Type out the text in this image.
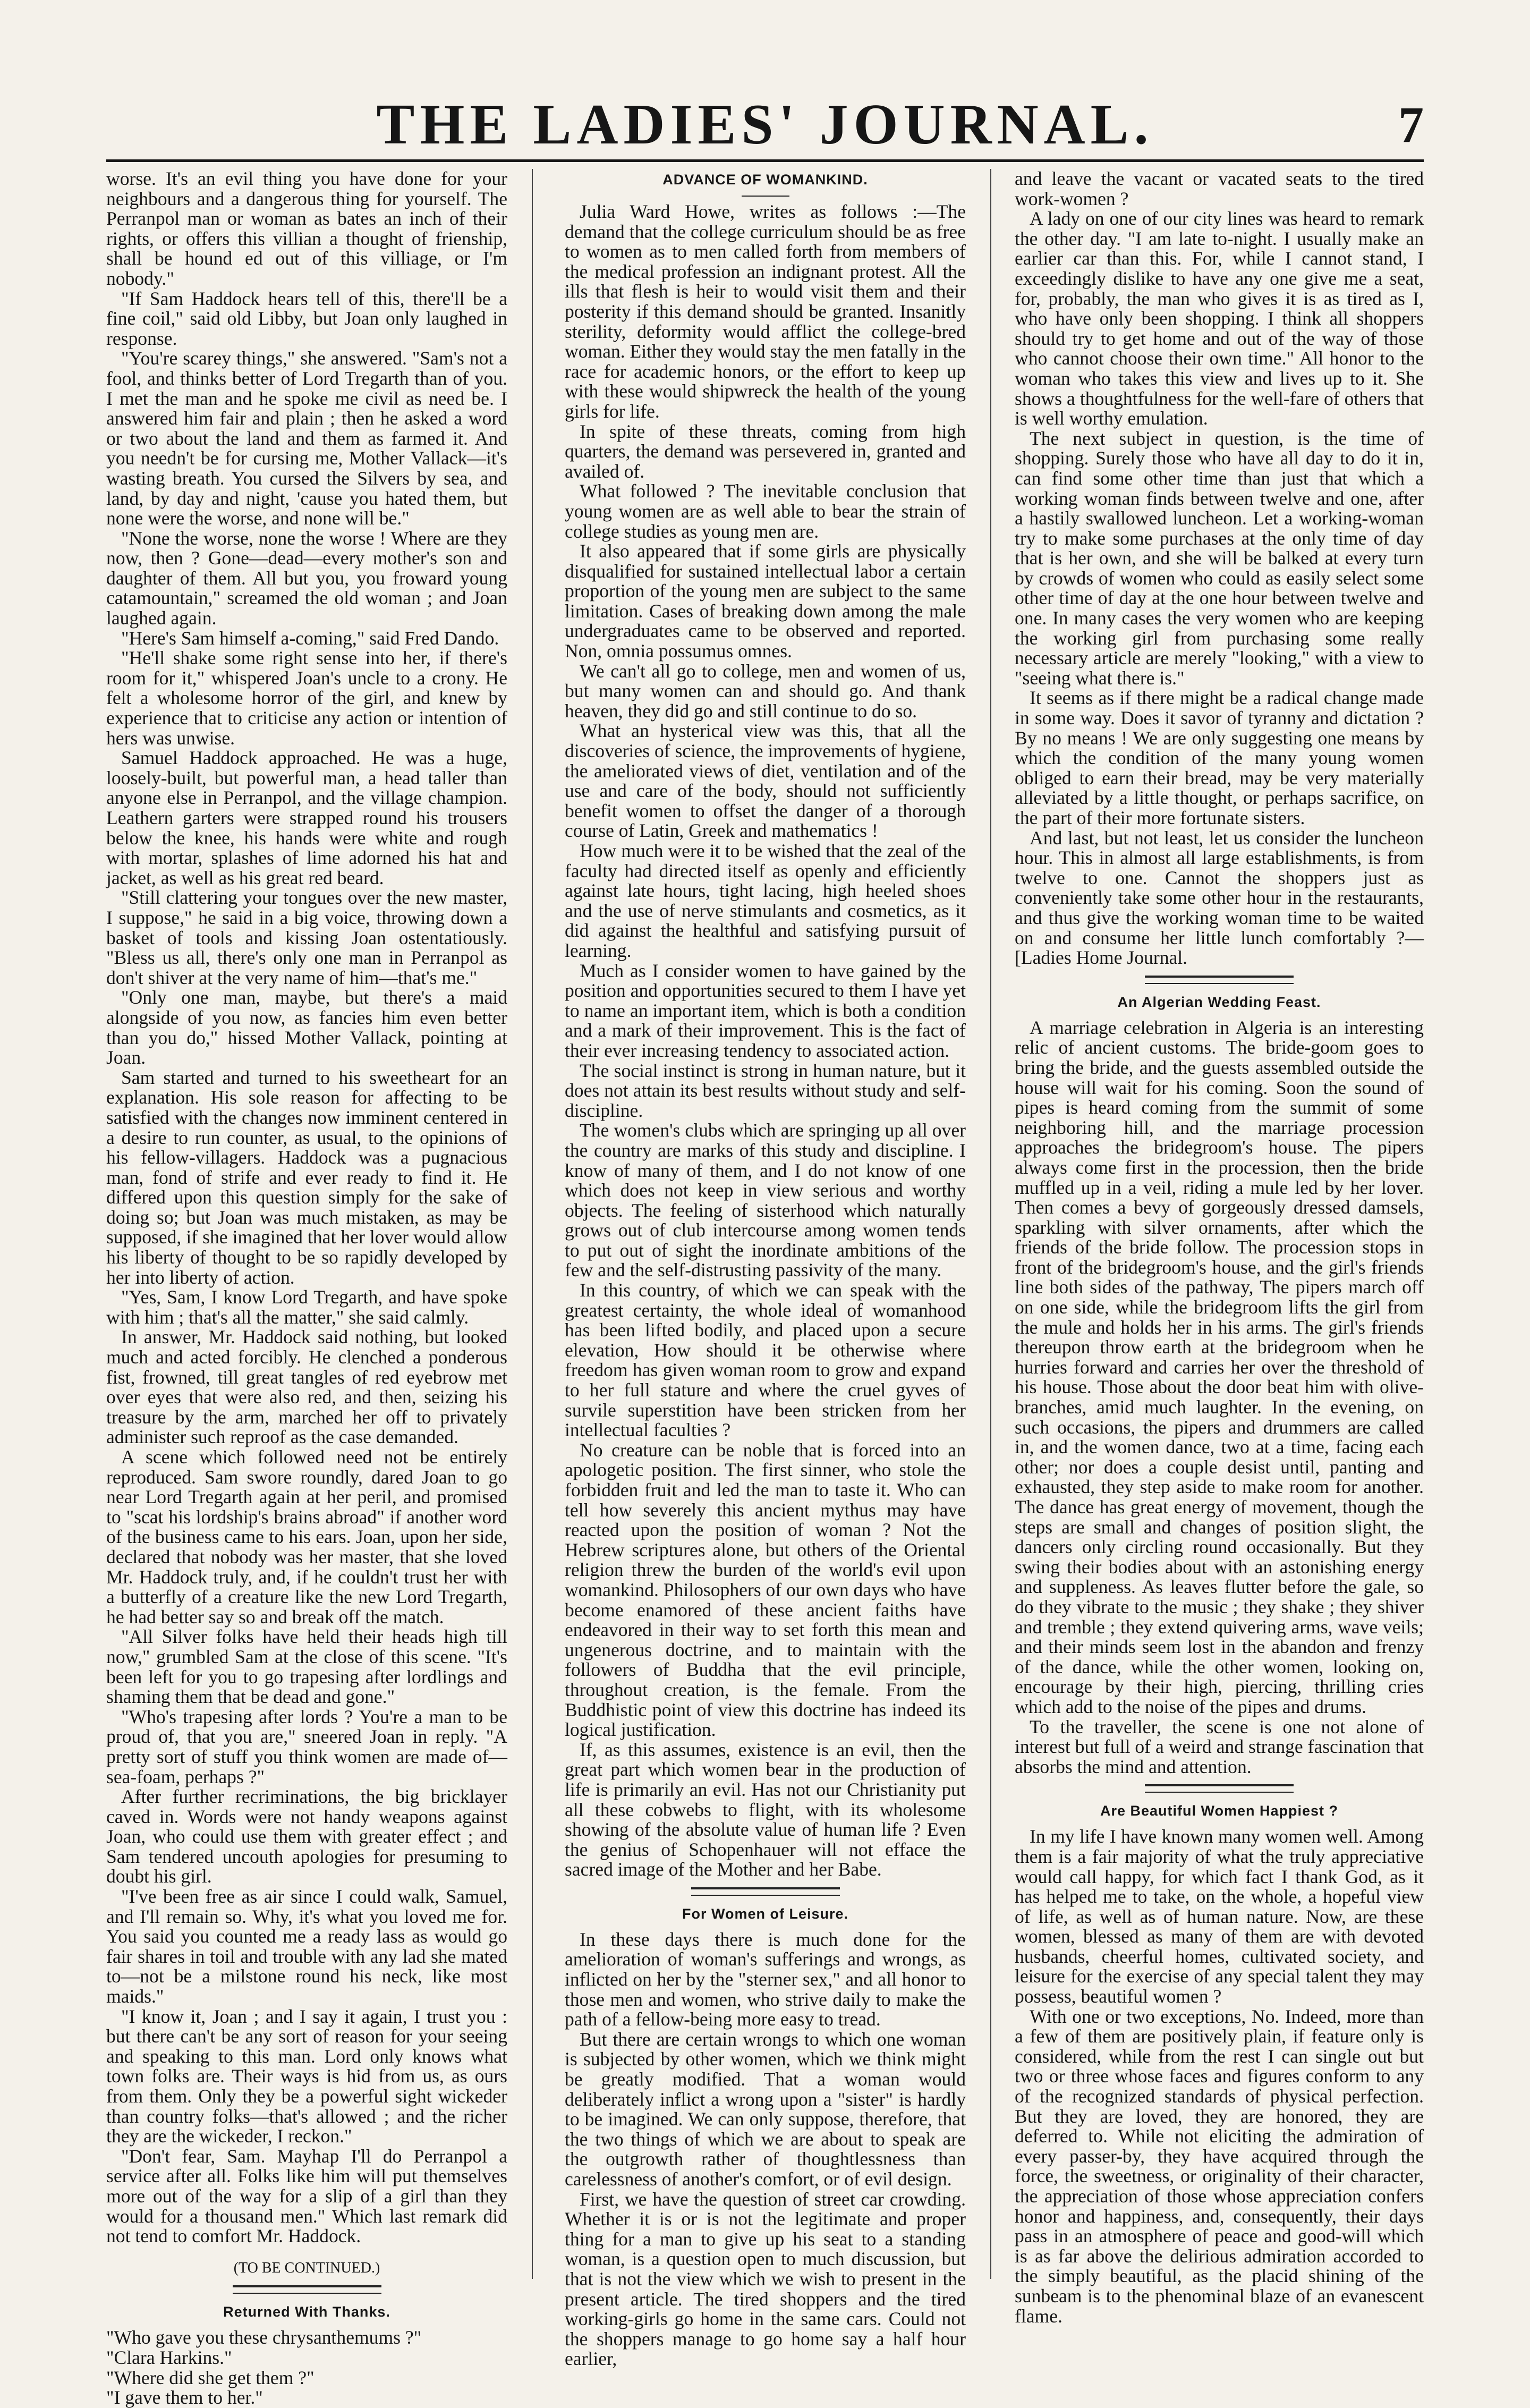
THE LADIES' JOURNAL.	7

worse. It's an evil thing you have done for your neighbours and a dangerous thing for yourself. The Perranpol man or woman as bates an inch of their rights, or offers this villian a thought of frienship, shall be hound ed out of this villiage, or I'm nobody."

"If Sam Haddock hears tell of this, there'll be a fine coil," said old Libby, but Joan only laughed in response.

"You're scarey things," she answered. "Sam's not a fool, and thinks better of Lord Tregarth than of you. I met the man and he spoke me civil as need be. I answered him fair and plain ; then he asked a word or two about the land and them as farmed it. And you needn't be for cursing me, Mother Vallack—it's wasting breath. You cursed the Silvers by sea, and land, by day and night, 'cause you hated them, but none were the worse, and none will be."

"None the worse, none the worse ! Where are they now, then ? Gone—dead—every mother's son and daughter of them. All but you, you froward young catamountain," screamed the old woman ; and Joan laughed again.

"Here's Sam himself a-coming," said Fred Dando.

"He'll shake some right sense into her, if there's room for it," whispered Joan's uncle to a crony. He felt a wholesome horror of the girl, and knew by experience that to criticise any action or intention of hers was unwise.

Samuel Haddock approached. He was a huge, loosely-built, but powerful man, a head taller than anyone else in Perranpol, and the village champion. Leathern garters were strapped round his trousers below the knee, his hands were white and rough with mortar, splashes of lime adorned his hat and jacket, as well as his great red beard.

"Still clattering your tongues over the new master, I suppose," he said in a big voice, throwing down a basket of tools and kissing Joan ostentatiously. "Bless us all, there's only one man in Perranpol as don't shiver at the very name of him—that's me."

"Only one man, maybe, but there's a maid alongside of you now, as fancies him even better than you do," hissed Mother Vallack, pointing at Joan.

Sam started and turned to his sweetheart for an explanation. His sole reason for affecting to be satisfied with the changes now imminent centered in a desire to run counter, as usual, to the opinions of his fellow-villagers. Haddock was a pugnacious man, fond of strife and ever ready to find it. He differed upon this question simply for the sake of doing so; but Joan was much mistaken, as may be supposed, if she imagined that her lover would allow his liberty of thought to be so rapidly developed by her into liberty of action.

"Yes, Sam, I know Lord Tregarth, and have spoke with him ; that's all the matter," she said calmly.

In answer, Mr. Haddock said nothing, but looked much and acted forcibly. He clenched a ponderous fist, frowned, till great tangles of red eyebrow met over eyes that were also red, and then, seizing his treasure by the arm, marched her off to privately administer such reproof as the case demanded.

A scene which followed need not be entirely reproduced. Sam swore roundly, dared Joan to go near Lord Tregarth again at her peril, and promised to "scat his lordship's brains abroad" if another word of the business came to his ears. Joan, upon her side, declared that nobody was her master, that she loved Mr. Haddock truly, and, if he couldn't trust her with a butterfly of a creature like the new Lord Tregarth, he had better say so and break off the match.

"All Silver folks have held their heads high till now," grumbled Sam at the close of this scene. "It's been left for you to go trapesing after lordlings and shaming them that be dead and gone."

"Who's trapesing after lords ? You're a man to be proud of, that you are," sneered Joan in reply. "A pretty sort of stuff you think women are made of—sea-foam, perhaps ?"

After further recriminations, the big bricklayer caved in. Words were not handy weapons against Joan, who could use them with greater effect ; and Sam tendered uncouth apologies for presuming to doubt his girl.

"I've been free as air since I could walk, Samuel, and I'll remain so. Why, it's what you loved me for. You said you counted me a ready lass as would go fair shares in toil and trouble with any lad she mated to—not be a milstone round his neck, like most maids."

"I know it, Joan ; and I say it again, I trust you : but there can't be any sort of reason for your seeing and speaking to this man. Lord only knows what town folks are. Their ways is hid from us, as ours from them. Only they be a powerful sight wickeder than country folks—that's allowed ; and the richer they are the wickeder, I reckon."

"Don't fear, Sam. Mayhap I'll do Perranpol a service after all. Folks like him will put themselves more out of the way for a slip of a girl than they would for a thousand men." Which last remark did not tend to comfort Mr. Haddock.

(TO BE CONTINUED.)

Returned With Thanks.

"Who gave you these chrysanthemums ?"

"Clara Harkins."

"Where did she get them ?"

"I gave them to her."

ADVANCE OF WOMANKIND.

Julia Ward Howe, writes as follows :—The demand that the college curriculum should be as free to women as to men called forth from members of the medical profession an indignant protest. All the ills that flesh is heir to would visit them and their posterity if this demand should be granted. Insanitly sterility, deformity would afflict the college-bred woman. Either they would stay the men fatally in the race for academic honors, or the effort to keep up with these would shipwreck the health of the young girls for life.

In spite of these threats, coming from high quarters, the demand was persevered in, granted and availed of.

What followed ? The inevitable conclusion that young women are as well able to bear the strain of college studies as young men are.

It also appeared that if some girls are physically disqualified for sustained intellectual labor a certain proportion of the young men are subject to the same limitation. Cases of breaking down among the male undergraduates came to be observed and reported. Non, omnia possumus omnes.

We can't all go to college, men and women of us, but many women can and should go. And thank heaven, they did go and still continue to do so.

What an hysterical view was this, that all the discoveries of science, the improvements of hygiene, the ameliorated views of diet, ventilation and of the use and care of the body, should not sufficiently benefit women to offset the danger of a thorough course of Latin, Greek and mathematics !

How much were it to be wished that the zeal of the faculty had directed itself as openly and efficiently against late hours, tight lacing, high heeled shoes and the use of nerve stimulants and cosmetics, as it did against the healthful and satisfying pursuit of learning.

Much as I consider women to have gained by the position and opportunities secured to them I have yet to name an important item, which is both a condition and a mark of their improvement. This is the fact of their ever increasing tendency to associated action.

The social instinct is strong in human nature, but it does not attain its best results without study and self-discipline.

The women's clubs which are springing up all over the country are marks of this study and discipline. I know of many of them, and I do not know of one which does not keep in view serious and worthy objects. The feeling of sisterhood which naturally grows out of club intercourse among women tends to put out of sight the inordinate ambitions of the few and the self-distrusting passivity of the many.

In this country, of which we can speak with the greatest certainty, the whole ideal of womanhood has been lifted bodily, and placed upon a secure elevation, How should it be otherwise where freedom has given woman room to grow and expand to her full stature and where the cruel gyves of survile superstition have been stricken from her intellectual faculties ?

No creature can be noble that is forced into an apologetic position. The first sinner, who stole the forbidden fruit and led the man to taste it. Who can tell how severely this ancient mythus may have reacted upon the position of woman ? Not the Hebrew scriptures alone, but others of the Oriental religion threw the burden of the world's evil upon womankind. Philosophers of our own days who have become enamored of these ancient faiths have endeavored in their way to set forth this mean and ungenerous doctrine, and to maintain with the followers of Buddha that the evil principle, throughout creation, is the female. From the Buddhistic point of view this doctrine has indeed its logical justification.

If, as this assumes, existence is an evil, then the great part which women bear in the production of life is primarily an evil. Has not our Christianity put all these cobwebs to flight, with its wholesome showing of the absolute value of human life ? Even the genius of Schopenhauer will not efface the sacred image of the Mother and her Babe.

For Women of Leisure.

In these days there is much done for the amelioration of woman's sufferings and wrongs, as inflicted on her by the "sterner sex," and all honor to those men and women, who strive daily to make the path of a fellow-being more easy to tread.

But there are certain wrongs to which one woman is subjected by other women, which we think might be greatly modified. That a woman would deliberately inflict a wrong upon a "sister" is hardly to be imagined. We can only suppose, therefore, that the two things of which we are about to speak are the outgrowth rather of thoughtlessness than carelessness of another's comfort, or of evil design.

First, we have the question of street car crowding. Whether it is or is not the legitimate and proper thing for a man to give up his seat to a standing woman, is a question open to much discussion, but that is not the view which we wish to present in the present article. The tired shoppers and the tired working-girls go home in the same cars. Could not the shoppers manage to go home say a half hour earlier,

and leave the vacant or vacated seats to the tired work-women ?

A lady on one of our city lines was heard to remark the other day. "I am late to-night. I usually make an earlier car than this. For, while I cannot stand, I exceedingly dislike to have any one give me a seat, for, probably, the man who gives it is as tired as I, who have only been shopping. I think all shoppers should try to get home and out of the way of those who cannot choose their own time." All honor to the woman who takes this view and lives up to it. She shows a thoughtfulness for the well-fare of others that is well worthy emulation.

The next subject in question, is the time of shopping. Surely those who have all day to do it in, can find some other time than just that which a working woman finds between twelve and one, after a hastily swallowed luncheon. Let a working-woman try to make some purchases at the only time of day that is her own, and she will be balked at every turn by crowds of women who could as easily select some other time of day at the one hour between twelve and one. In many cases the very women who are keeping the working girl from purchasing some really necessary article are merely "looking," with a view to "seeing what there is."

It seems as if there might be a radical change made in some way. Does it savor of tyranny and dictation ? By no means ! We are only suggesting one means by which the condition of the many young women obliged to earn their bread, may be very materially alleviated by a little thought, or perhaps sacrifice, on the part of their more fortunate sisters.

And last, but not least, let us consider the luncheon hour. This in almost all large establishments, is from twelve to one. Cannot the shoppers just as conveniently take some other hour in the restaurants, and thus give the working woman time to be waited on and consume her little lunch comfortably ?—[Ladies Home Journal.

An Algerian Wedding Feast.

A marriage celebration in Algeria is an interesting relic of ancient customs. The bride-goom goes to bring the bride, and the guests assembled outside the house will wait for his coming. Soon the sound of pipes is heard coming from the summit of some neighboring hill, and the marriage procession approaches the bridegroom's house. The pipers always come first in the procession, then the bride muffled up in a veil, riding a mule led by her lover. Then comes a bevy of gorgeously dressed damsels, sparkling with silver ornaments, after which the friends of the bride follow. The procession stops in front of the bridegroom's house, and the girl's friends line both sides of the pathway, The pipers march off on one side, while the bridegroom lifts the girl from the mule and holds her in his arms. The girl's friends thereupon throw earth at the bridegroom when he hurries forward and carries her over the threshold of his house. Those about the door beat him with olive-branches, amid much laughter. In the evening, on such occasions, the pipers and drummers are called in, and the women dance, two at a time, facing each other; nor does a couple desist until, panting and exhausted, they step aside to make room for another. The dance has great energy of movement, though the steps are small and changes of position slight, the dancers only circling round occasionally. But they swing their bodies about with an astonishing energy and suppleness. As leaves flutter before the gale, so do they vibrate to the music ; they shake ; they shiver and tremble ; they extend quivering arms, wave veils; and their minds seem lost in the abandon and frenzy of the dance, while the other women, looking on, encourage by their high, piercing, thrilling cries which add to the noise of the pipes and drums.

To the traveller, the scene is one not alone of interest but full of a weird and strange fascination that absorbs the mind and attention.

Are Beautiful Women Happiest ?

In my life I have known many women well. Among them is a fair majority of what the truly appreciative would call happy, for which fact I thank God, as it has helped me to take, on the whole, a hopeful view of life, as well as of human nature. Now, are these women, blessed as many of them are with devoted husbands, cheerful homes, cultivated society, and leisure for the exercise of any special talent they may possess, beautiful women ?

With one or two exceptions, No. Indeed, more than a few of them are positively plain, if feature only is considered, while from the rest I can single out but two or three whose faces and figures conform to any of the recognized standards of physical perfection. But they are loved, they are honored, they are deferred to. While not eliciting the admiration of every passer-by, they have acquired through the force, the sweetness, or originality of their character, the appreciation of those whose appreciation confers honor and happiness, and, consequently, their days pass in an atmosphere of peace and good-will which is as far above the delirious admiration accorded to the simply beautiful, as the placid shining of the sunbeam is to the phenominal blaze of an evanescent flame.
